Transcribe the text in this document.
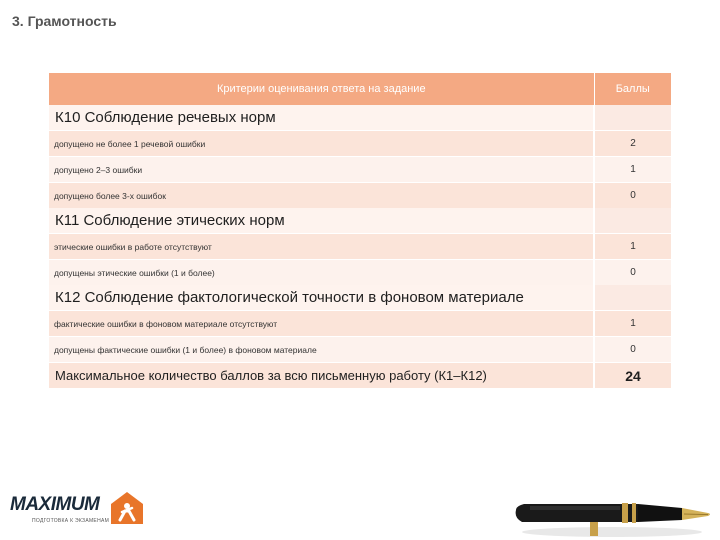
3. Грамотность
Критерии оценивания ответа на задание	Баллы
К10 Соблюдение речевых норм	
допущено не более 1 речевой ошибки	2
допущено 2–3 ошибки	1
допущено более 3-х ошибок	0
К11 Соблюдение этических норм	
этические ошибки в работе отсутствуют	1
допущены этические ошибки (1 и более)	0
К12 Соблюдение фактологической точности в фоновом материале	
фактические ошибки в фоновом материале отсутствуют	1
допущены фактические ошибки (1 и более) в фоновом материале	0
Максимальное количество баллов за всю письменную работу (К1–К12)	24
MAXIMUM
ПОДГОТОВКА К ЭКЗАМЕНАМ
